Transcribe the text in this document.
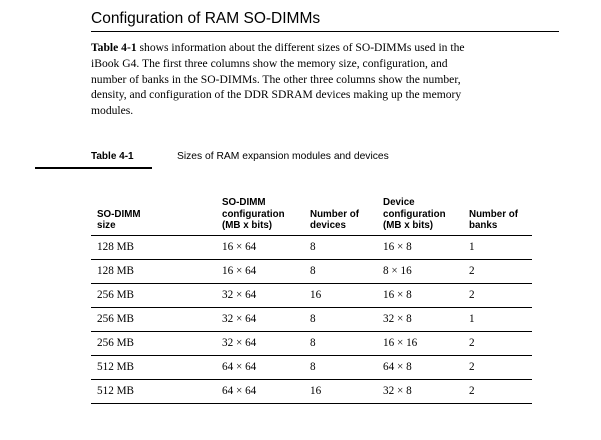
Configuration of RAM SO-DIMMs

Table 4-1 shows information about the different sizes of SO-DIMMs used in the
iBook G4. The first three columns show the memory size, configuration, and
number of banks in the SO-DIMMs. The other three columns show the number,
density, and configuration of the DDR SDRAM devices making up the memory
modules.

Table 4-1	Sizes of RAM expansion modules and devices
SO-DIMM
size	SO-DIMM
configuration
(MB x bits)	Number of
devices	Device
configuration
(MB x bits)	Number of
banks

128 MB	16 × 64	8	16 × 8	1
128 MB	16 × 64	8	8 × 16	2
256 MB	32 × 64	16	16 × 8	2
256 MB	32 × 64	8	32 × 8	1
256 MB	32 × 64	8	16 × 16	2
512 MB	64 × 64	8	64 × 8	2
512 MB	64 × 64	16	32 × 8	2
